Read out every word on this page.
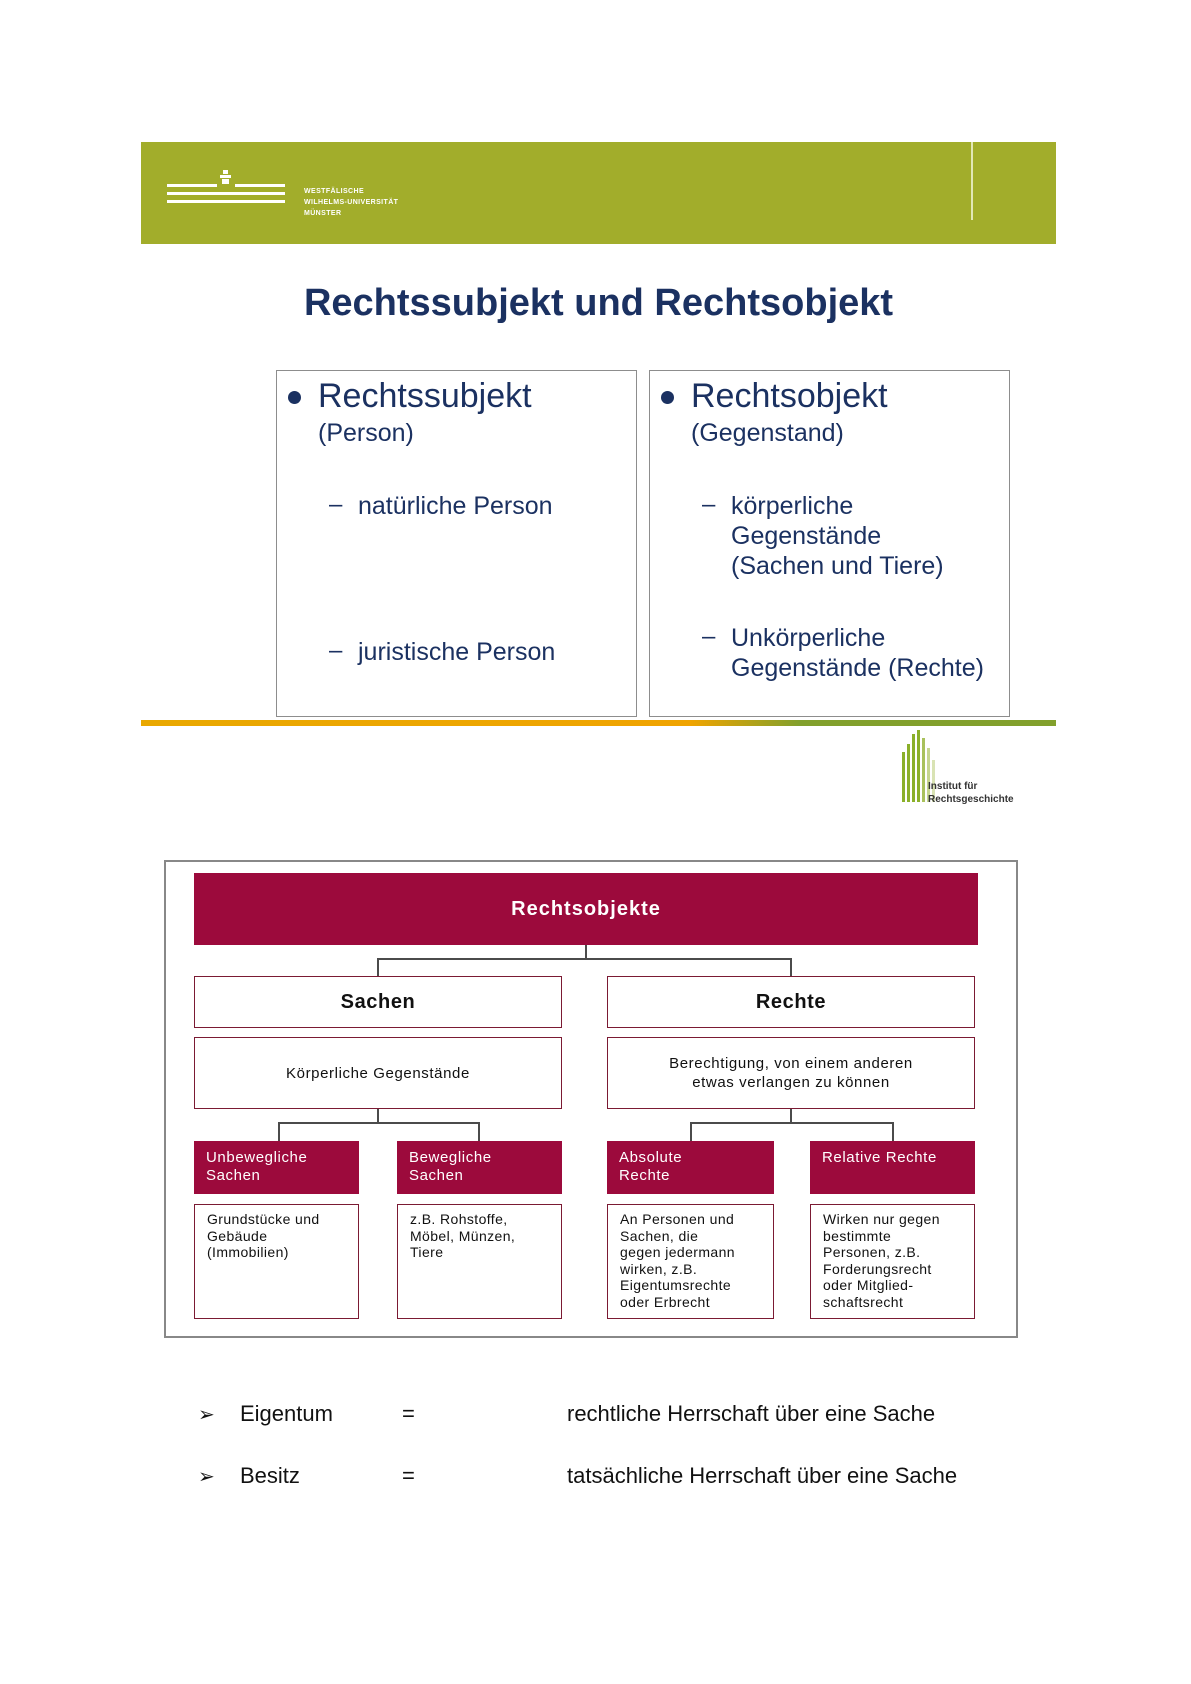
WESTFÄLISCHE
WILHELMS-UNIVERSITÄT
MÜNSTER
Rechtssubjekt und Rechtsobjekt
Rechtssubjekt
(Person)
– natürliche Person
– juristische Person
Rechtsobjekt
(Gegenstand)
– körperliche
Gegenstände
(Sachen und Tiere)
– Unkörperliche
Gegenstände (Rechte)
Institut für
Rechtsgeschichte
Rechtsobjekte
Sachen	Rechte
Körperliche Gegenstände
Berechtigung, von einem anderen
etwas verlangen zu können
Unbewegliche
Sachen
Bewegliche
Sachen
Absolute
Rechte
Relative Rechte
Grundstücke und
Gebäude
(Immobilien)
z.B. Rohstoffe,
Möbel, Münzen,
Tiere
An Personen und
Sachen, die
gegen jedermann
wirken, z.B.
Eigentumsrechte
oder Erbrecht
Wirken nur gegen
bestimmte
Personen, z.B.
Forderungsrecht
oder Mitglied-
schaftsrecht
➢ Eigentum	=	rechtliche Herrschaft über eine Sache
➢ Besitz	=	tatsächliche Herrschaft über eine Sache
